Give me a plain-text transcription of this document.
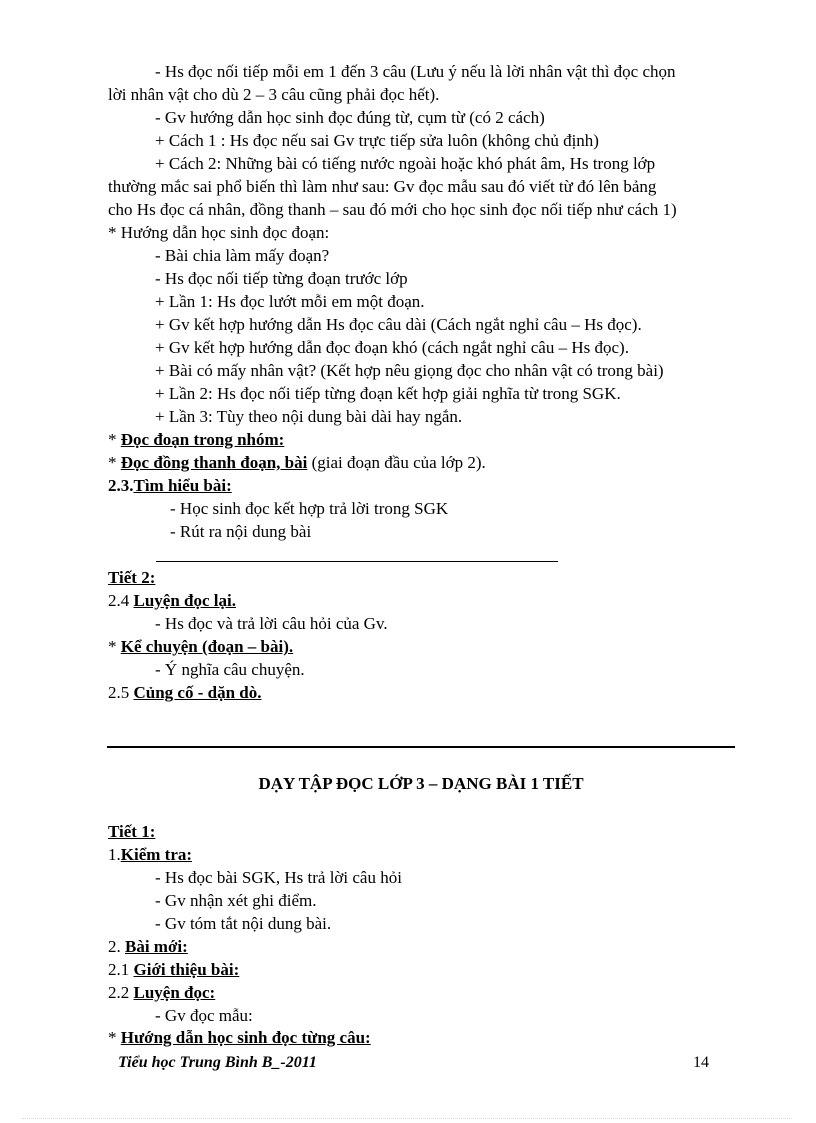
- Hs đọc nối tiếp mỗi em 1 đến 3 câu (Lưu ý nếu là lời nhân vật thì đọc chọn
lời nhân vật cho dù 2 – 3 câu cũng phải đọc hết).
- Gv hướng dẫn học sinh đọc đúng từ, cụm từ (có 2 cách)
+ Cách 1 : Hs đọc nếu sai Gv trực tiếp sửa luôn (không chủ định)
+ Cách 2: Những bài có tiếng nước ngoài hoặc khó phát âm, Hs trong lớp
thường mắc sai phổ biến thì làm như sau: Gv đọc mẫu sau đó viết từ đó lên bảng
cho Hs đọc cá nhân, đồng thanh – sau đó mới cho học sinh đọc nối tiếp như cách 1)
* Hướng dẫn học sinh đọc đoạn:
- Bài chia làm mấy đoạn?
- Hs đọc nối tiếp từng đoạn trước lớp
+ Lần 1: Hs đọc lướt mỗi em một đoạn.
+ Gv kết hợp hướng dẫn Hs đọc câu dài (Cách ngắt nghỉ câu – Hs đọc).
+ Gv kết hợp hướng dẫn đọc đoạn khó (cách ngắt nghỉ câu – Hs đọc).
+ Bài có mấy nhân vật? (Kết hợp nêu giọng đọc cho nhân vật có trong bài)
+ Lần 2: Hs đọc nối tiếp từng đoạn kết hợp giải nghĩa từ trong SGK.
+ Lần 3: Tùy theo nội dung bài dài hay ngắn.
* Đọc đoạn trong nhóm:
* Đọc đồng thanh đoạn, bài (giai đoạn đầu của lớp 2).
2.3.Tìm hiểu bài:
- Học sinh đọc kết hợp trả lời trong SGK
- Rút ra nội dung bài
Tiết 2:
2.4 Luyện đọc lại.
- Hs đọc và trả lời câu hỏi của Gv.
* Kể chuyện (đoạn – bài).
- Ý nghĩa câu chuyện.
2.5 Củng cố - dặn dò.
DẠY TẬP ĐỌC LỚP 3 – DẠNG BÀI 1 TIẾT
Tiết 1:
1.Kiểm tra:
- Hs đọc bài SGK, Hs trả lời câu hỏi
- Gv nhận xét ghi điểm.
- Gv tóm tắt nội dung bài.
2. Bài mới:
2.1 Giới thiệu bài:
2.2 Luyện đọc:
- Gv đọc mẫu:
* Hướng dẫn học sinh đọc từng câu:
Tiểu học Trung Bình B_-2011	14
